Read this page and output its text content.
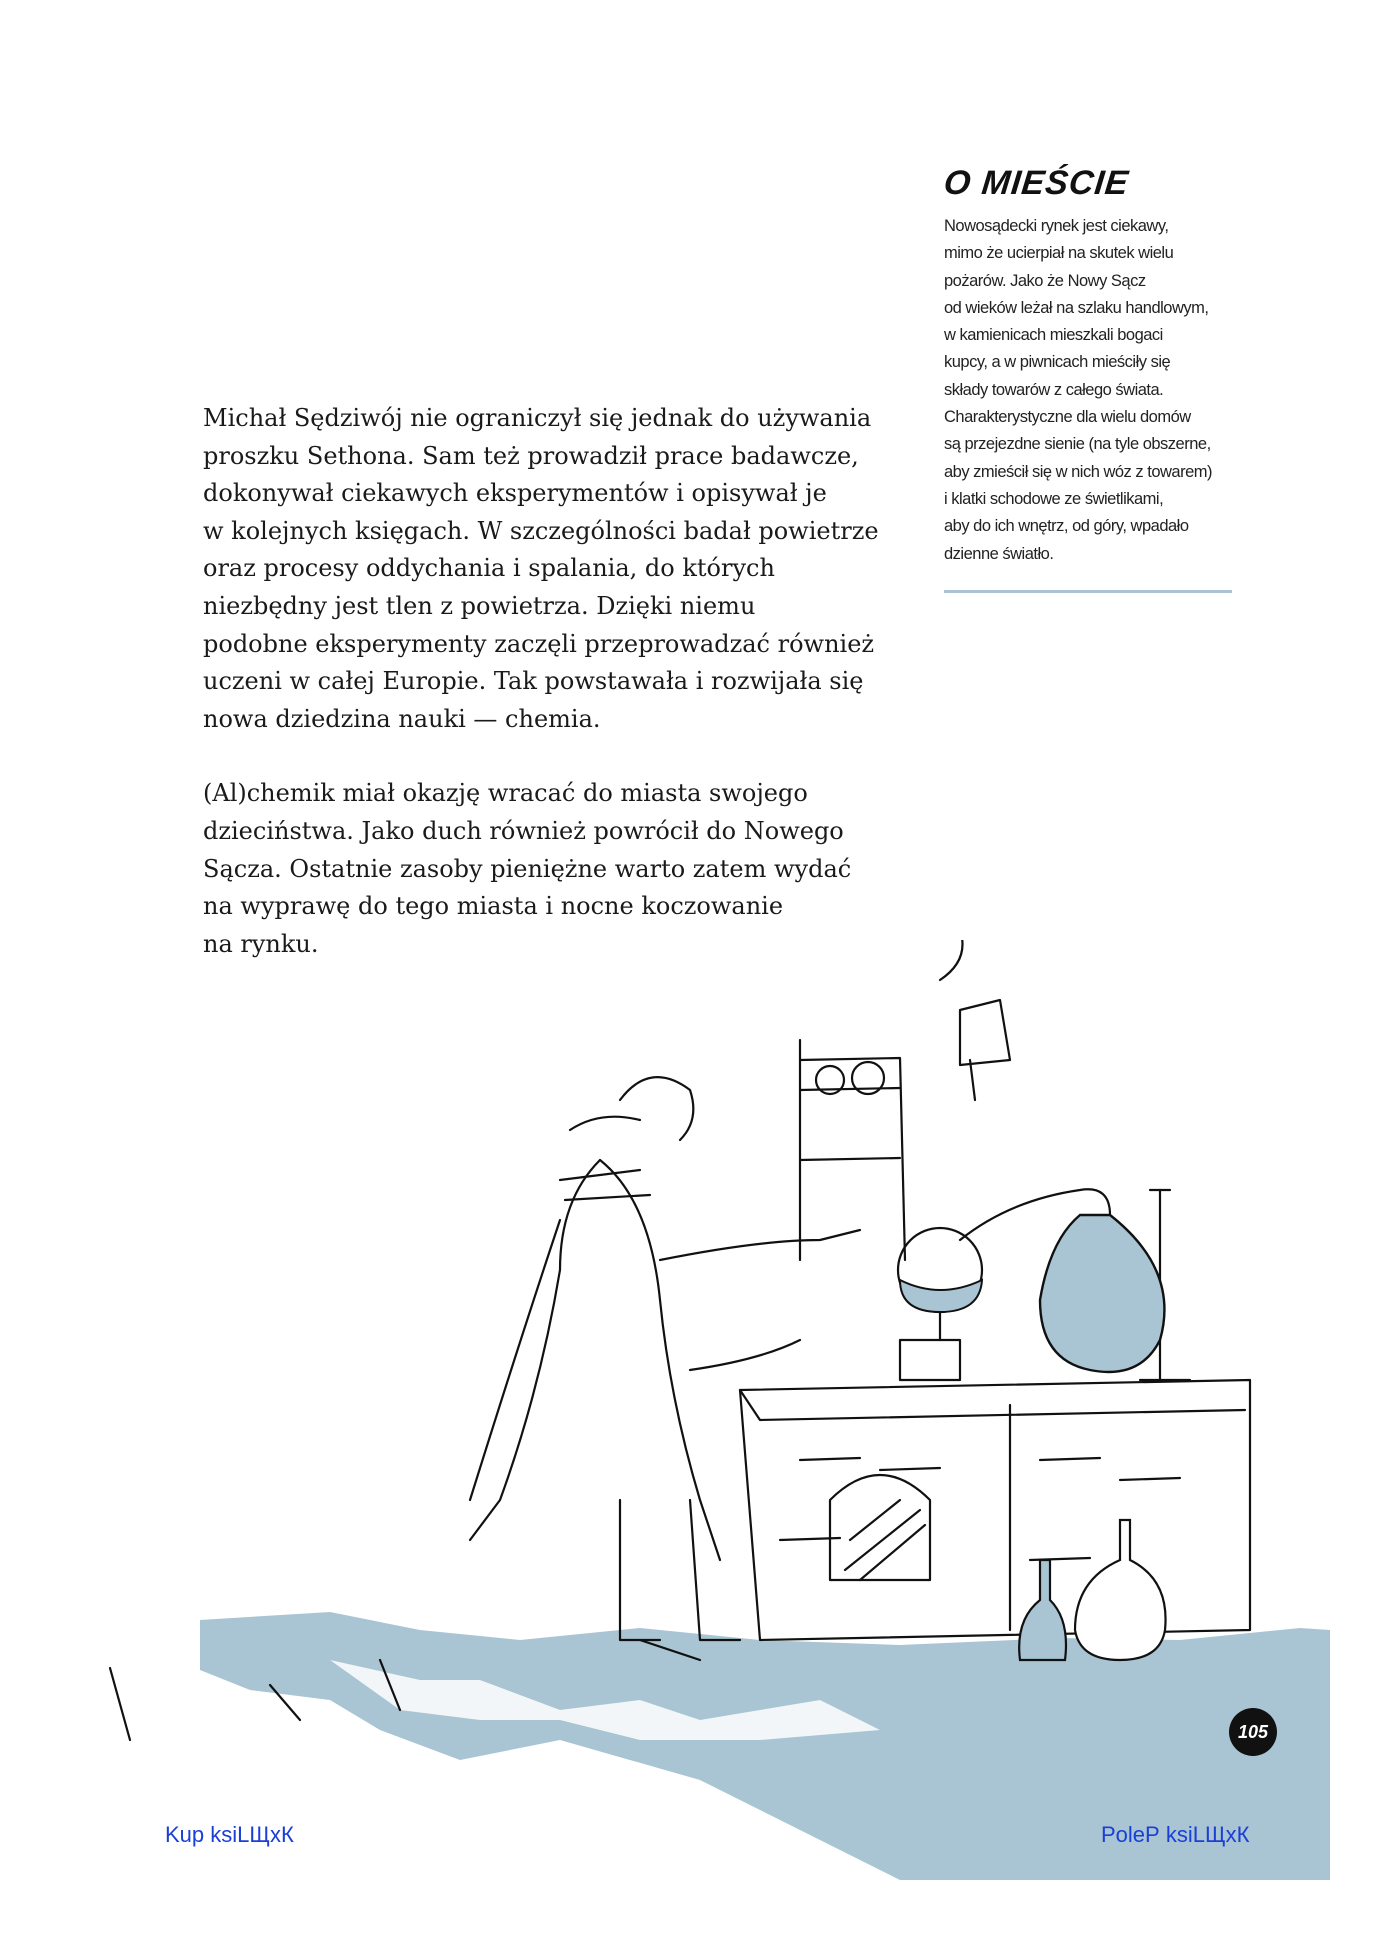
O MIEŚCIE
Nowosądecki rynek jest ciekawy,
mimo że ucierpiał na skutek wielu
pożarów. Jako że Nowy Sącz
od wieków leżał na szlaku handlowym,
w kamienicach mieszkali bogaci
kupcy, a w piwnicach mieściły się
składy towarów z całego świata.
Charakterystyczne dla wielu domów
są przejezdne sienie (na tyle obszerne,
aby zmieścił się w nich wóz z towarem)
i klatki schodowe ze świetlikami,
aby do ich wnętrz, od góry, wpadało
dzienne światło.
Michał Sędziwój nie ograniczył się jednak do używania
proszku Sethona. Sam też prowadził prace badawcze,
dokonywał ciekawych eksperymentów i opisywał je
w kolejnych księgach. W szczególności badał powietrze
oraz procesy oddychania i spalania, do których
niezbędny jest tlen z powietrza. Dzięki niemu
podobne eksperymenty zaczęli przeprowadzać również
uczeni w całej Europie. Tak powstawała i rozwijała się
nowa dziedzina nauki — chemia.
(Al)chemik miał okazję wracać do miasta swojego
dzieciństwa. Jako duch również powrócił do Nowego
Sącza. Ostatnie zasoby pieniężne warto zatem wydać
na wyprawę do tego miasta i nocne koczowanie
na rynku.
105
Kup ksiLЩxК	PoleР ksiLЩxК
